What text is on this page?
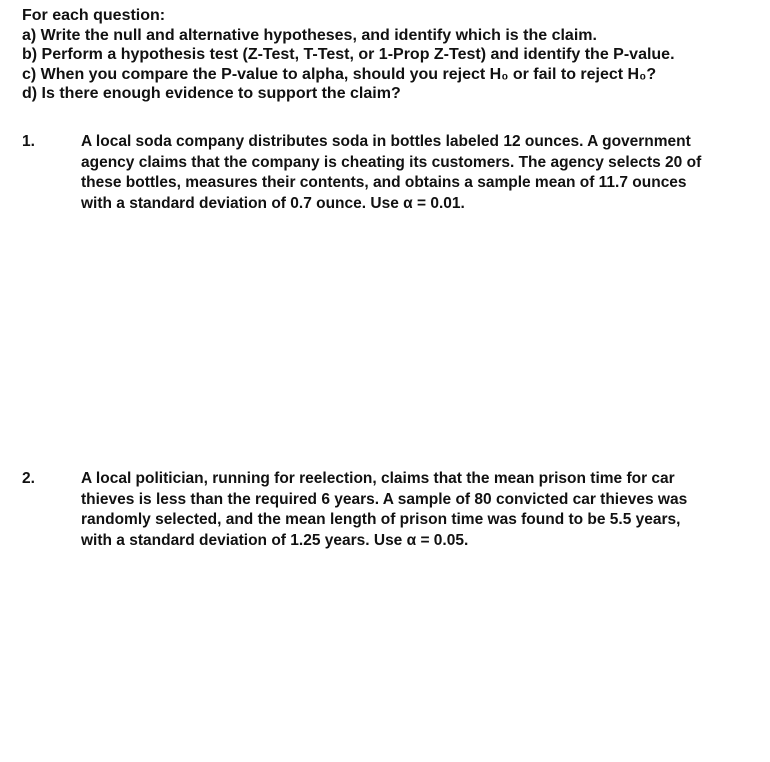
For each question:
a) Write the null and alternative hypotheses, and identify which is the claim.
b) Perform a hypothesis test (Z-Test, T-Test, or 1-Prop Z-Test) and identify the P-value.
c) When you compare the P-value to alpha, should you reject H₀ or fail to reject H₀?
d) Is there enough evidence to support the claim?
1.	A local soda company distributes soda in bottles labeled 12 ounces. A government
agency claims that the company is cheating its customers. The agency selects 20 of
these bottles, measures their contents, and obtains a sample mean of 11.7 ounces
with a standard deviation of 0.7 ounce. Use α = 0.01.
2.	A local politician, running for reelection, claims that the mean prison time for car
thieves is less than the required 6 years. A sample of 80 convicted car thieves was
randomly selected, and the mean length of prison time was found to be 5.5 years,
with a standard deviation of 1.25 years. Use α = 0.05.
